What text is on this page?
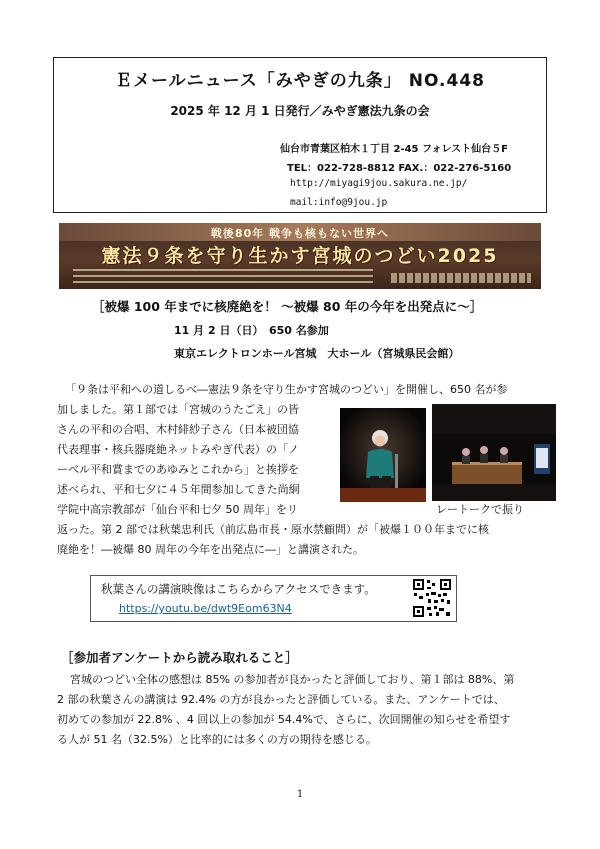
Ｅメールニュース「みやぎの九条」 NO.448
2025 年 12 月 1 日発行／みやぎ憲法九条の会
仙台市青葉区柏木１丁目 2-45 フォレスト仙台５F
TEL：022-728-8812 FAX.：022-276-5160
http://miyagi9jou.sakura.ne.jp/
mail:info@9jou.jp
戦後80年 戦争も核もない世界へ
憲法９条を守り生かす宮城のつどい2025
［被爆 100 年までに核廃絶を！ ～被爆 80 年の今年を出発点に～］
11 月 2 日（日）　650 名参加
東京エレクトロンホール宮城　大ホール（宮城県民会館）
「９条は平和への道しるべ―憲法９条を守り生かす宮城のつどい」を開催し、650 名が参
加しました。第１部では「宮城のうたごえ」の皆
さんの平和の合唱、木村緋紗子さん（日本被団協
代表理事・核兵器廃絶ネットみやぎ代表）の「ノ
ーベル平和賞までのあゆみとこれから」と挨拶を
述べられ、平和七夕に４５年間参加してきた尚絅
学院中高宗教部が「仙台平和七夕 50 周年」をリ	レートークで振り
返った。第 2 部では秋葉忠利氏（前広島市長・原水禁顧問）が「被爆１００年までに核
廃絶を！―被爆 80 周年の今年を出発点に―」と講演された。
秋葉さんの講演映像はこちらからアクセスできます。
https://youtu.be/dwt9Eom63N4
［参加者アンケートから読み取れること］
宮城のつどい全体の感想は 85% の参加者が良かったと評価しており、第１部は 88%、第
2 部の秋葉さんの講演は 92.4% の方が良かったと評価している。また、アンケートでは、
初めての参加が 22.8% 、4 回以上の参加が 54.4%で、さらに、次回開催の知らせを希望す
る人が 51 名（32.5%）と比率的には多くの方の期待を感じる。
1
